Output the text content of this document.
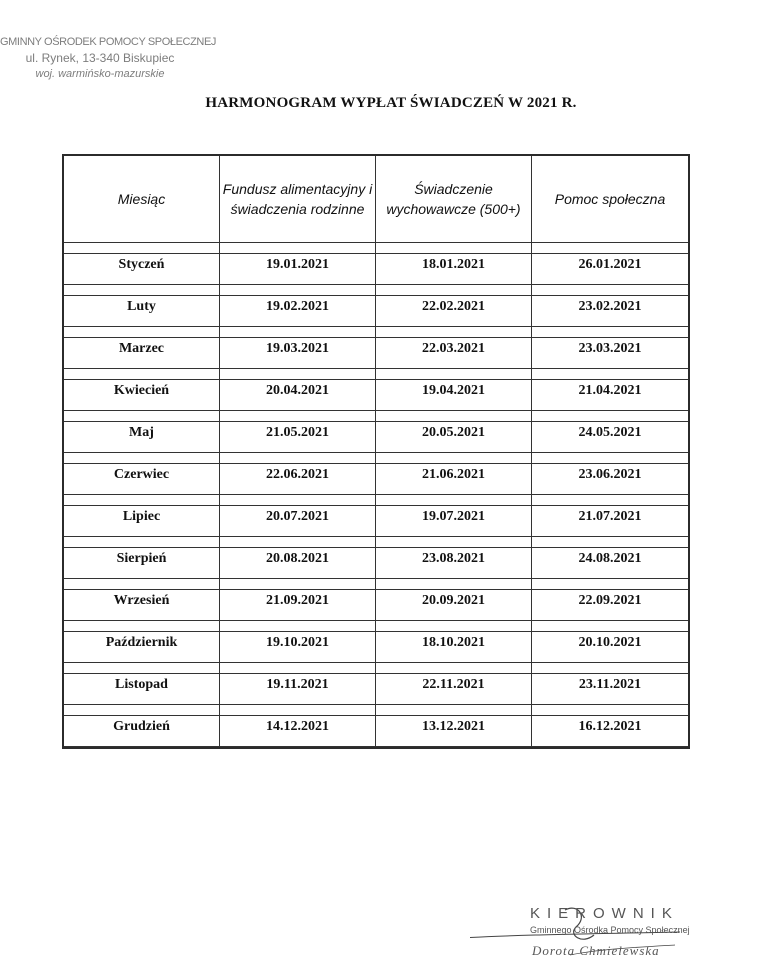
GMINNY OŚRODEK POMOCY SPOŁECZNEJ
ul. Rynek, 13-340 Biskupiec
woj. warmińsko-mazurskie
HARMONOGRAM WYPŁAT ŚWIADCZEŃ W 2021 R.
Miesiąc	Fundusz alimentacyjny i świadczenia rodzinne	Świadczenie wychowawcze (500+)	Pomoc społeczna

Styczeń	19.01.2021	18.01.2021	26.01.2021

Luty	19.02.2021	22.02.2021	23.02.2021

Marzec	19.03.2021	22.03.2021	23.03.2021

Kwiecień	20.04.2021	19.04.2021	21.04.2021

Maj	21.05.2021	20.05.2021	24.05.2021

Czerwiec	22.06.2021	21.06.2021	23.06.2021

Lipiec	20.07.2021	19.07.2021	21.07.2021

Sierpień	20.08.2021	23.08.2021	24.08.2021

Wrzesień	21.09.2021	20.09.2021	22.09.2021

Październik	19.10.2021	18.10.2021	20.10.2021

Listopad	19.11.2021	22.11.2021	23.11.2021

Grudzień	14.12.2021	13.12.2021	16.12.2021
KIEROWNIK
Gminnego Ośrodka Pomocy Społecznej
Dorota Chmielewska
